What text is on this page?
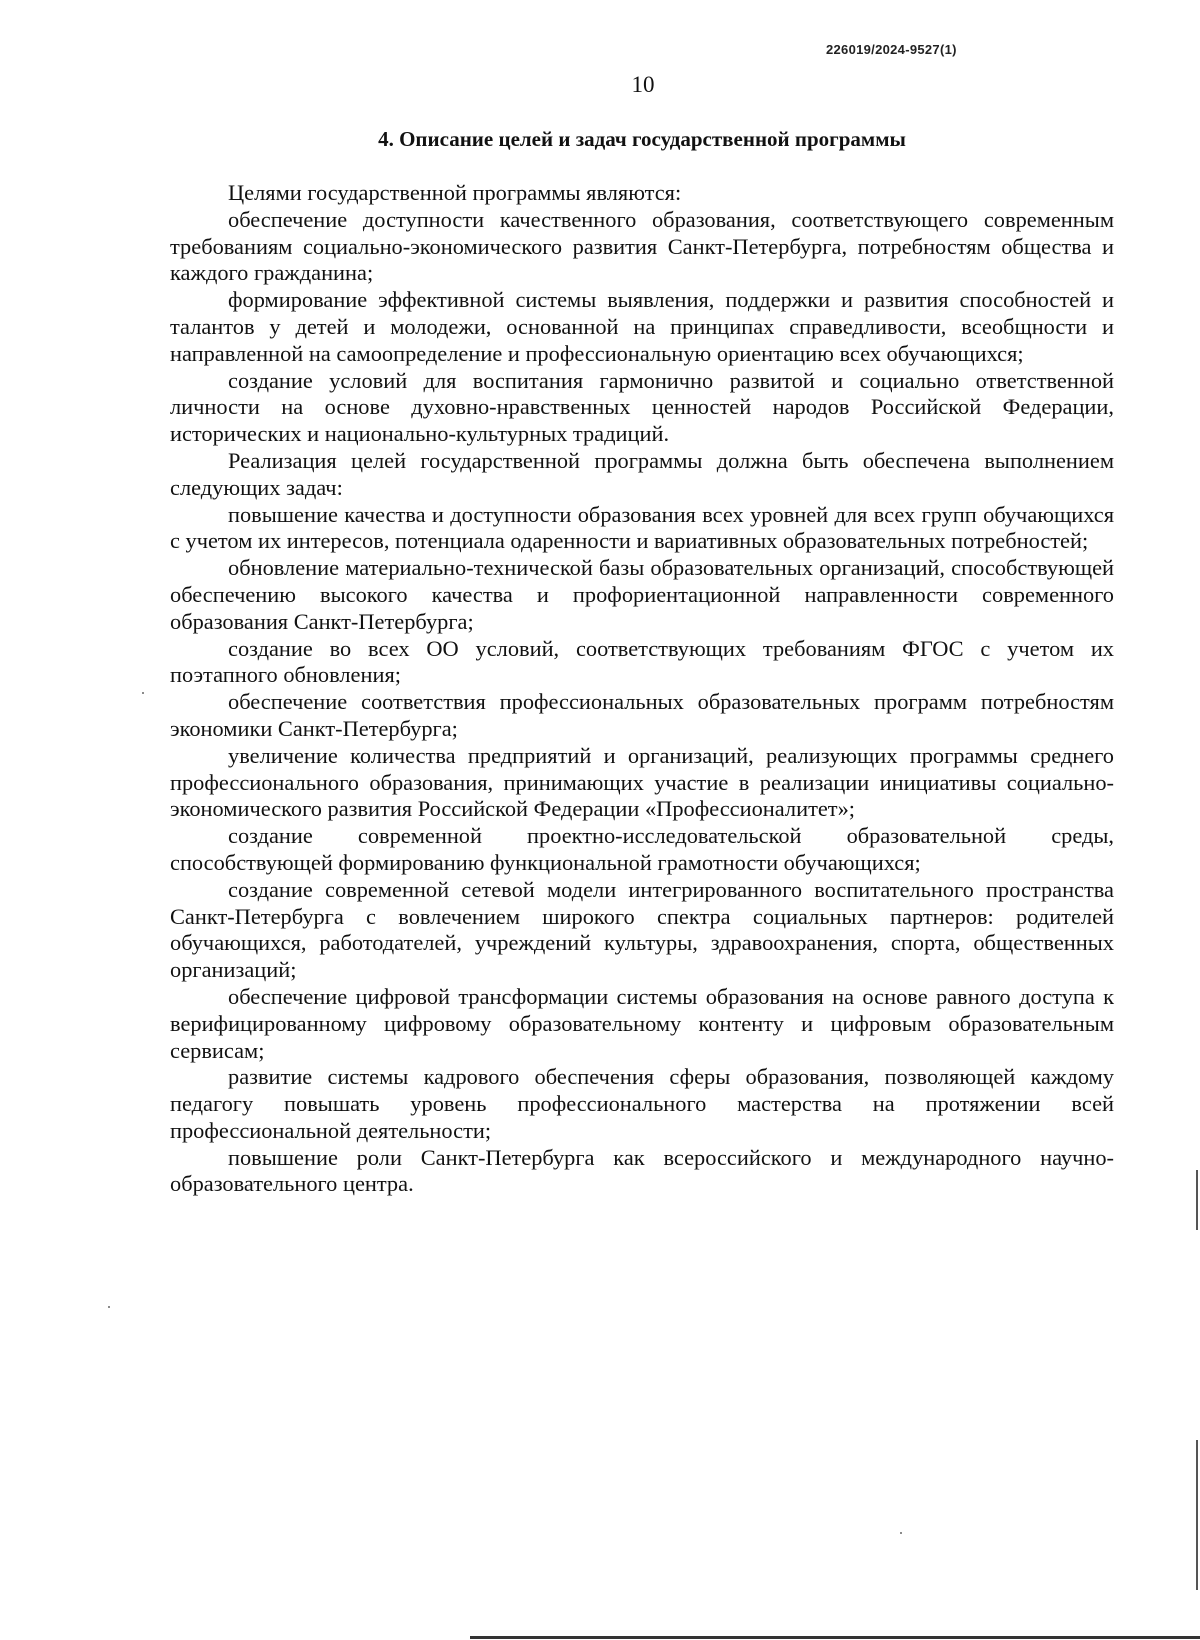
226019/2024-9527(1)
10
4. Описание целей и задач государственной программы

Целями государственной программы являются:

обеспечение доступности качественного образования, соответствующего современным требованиям социально-экономического развития Санкт-Петербурга, потребностям общества и каждого гражданина;

формирование эффективной системы выявления, поддержки и развития способностей и талантов у детей и молодежи, основанной на принципах справедливости, всеобщности и направленной на самоопределение и профессиональную ориентацию всех обучающихся;

создание условий для воспитания гармонично развитой и социально ответственной личности на основе духовно-нравственных ценностей народов Российской Федерации, исторических и национально-культурных традиций.

Реализация целей государственной программы должна быть обеспечена выполнением следующих задач:

повышение качества и доступности образования всех уровней для всех групп обучающихся с учетом их интересов, потенциала одаренности и вариативных образовательных потребностей;

обновление материально-технической базы образовательных организаций, способствующей обеспечению высокого качества и профориентационной направленности современного образования Санкт-Петербурга;

создание во всех ОО условий, соответствующих требованиям ФГОС с учетом их поэтапного обновления;

обеспечение соответствия профессиональных образовательных программ потребностям экономики Санкт-Петербурга;

увеличение количества предприятий и организаций, реализующих программы среднего профессионального образования, принимающих участие в реализации инициативы социально-экономического развития Российской Федерации «Профессионалитет»;

создание современной проектно-исследовательской образовательной среды, способствующей формированию функциональной грамотности обучающихся;

создание современной сетевой модели интегрированного воспитательного пространства Санкт-Петербурга с вовлечением широкого спектра социальных партнеров: родителей обучающихся, работодателей, учреждений культуры, здравоохранения, спорта, общественных организаций;

обеспечение цифровой трансформации системы образования на основе равного доступа к верифицированному цифровому образовательному контенту и цифровым образовательным сервисам;

развитие системы кадрового обеспечения сферы образования, позволяющей каждому педагогу повышать уровень профессионального мастерства на протяжении всей профессиональной деятельности;

повышение роли Санкт-Петербурга как всероссийского и международного научно-образовательного центра.
